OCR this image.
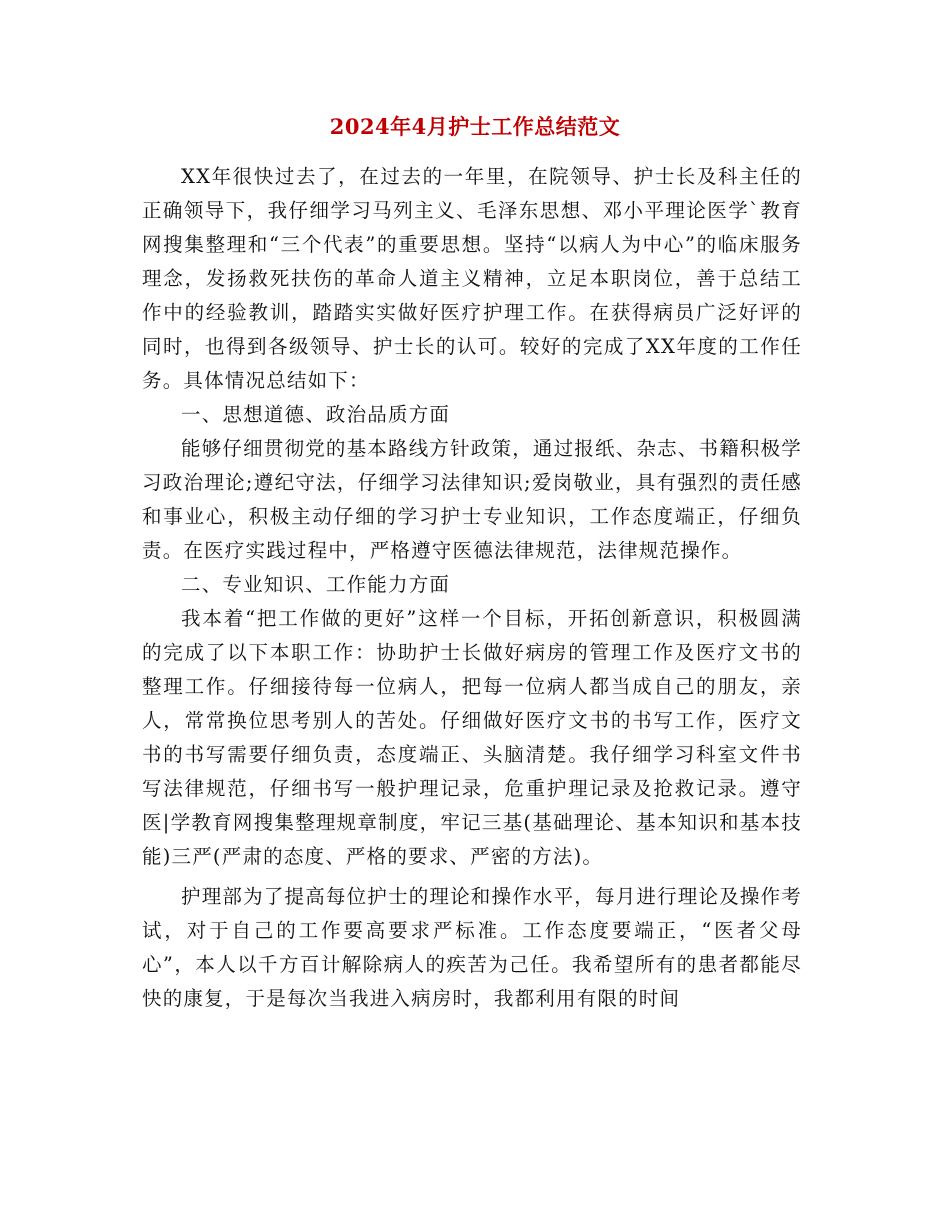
2024年4月护士工作总结范文

XX年很快过去了，在过去的一年里，在院领导、护士长及科主任的正确领导下，我仔细学习马列主义、毛泽东思想、邓小平理论医学`教育网搜集整理和“三个代表”的重要思想。坚持“以病人为中心”的临床服务理念，发扬救死扶伤的革命人道主义精神，立足本职岗位，善于总结工作中的经验教训，踏踏实实做好医疗护理工作。在获得病员广泛好评的同时，也得到各级领导、护士长的认可。较好的完成了XX年度的工作任务。具体情况总结如下：

一、思想道德、政治品质方面

能够仔细贯彻党的基本路线方针政策，通过报纸、杂志、书籍积极学习政治理论;遵纪守法，仔细学习法律知识;爱岗敬业，具有强烈的责任感和事业心，积极主动仔细的学习护士专业知识，工作态度端正，仔细负责。在医疗实践过程中，严格遵守医德法律规范，法律规范操作。

二、专业知识、工作能力方面

我本着“把工作做的更好”这样一个目标，开拓创新意识，积极圆满的完成了以下本职工作：协助护士长做好病房的管理工作及医疗文书的整理工作。仔细接待每一位病人，把每一位病人都当成自己的朋友，亲人，常常换位思考别人的苦处。仔细做好医疗文书的书写工作，医疗文书的书写需要仔细负责，态度端正、头脑清楚。我仔细学习科室文件书写法律规范，仔细书写一般护理记录，危重护理记录及抢救记录。遵守医|学教育网搜集整理规章制度，牢记三基(基础理论、基本知识和基本技能)三严(严肃的态度、严格的要求、严密的方法)。

护理部为了提高每位护士的理论和操作水平，每月进行理论及操作考试，对于自己的工作要高要求严标准。工作态度要端正，“医者父母心”，本人以千方百计解除病人的疾苦为己任。我希望所有的患者都能尽快的康复，于是每次当我进入病房时，我都利用有限的时间
